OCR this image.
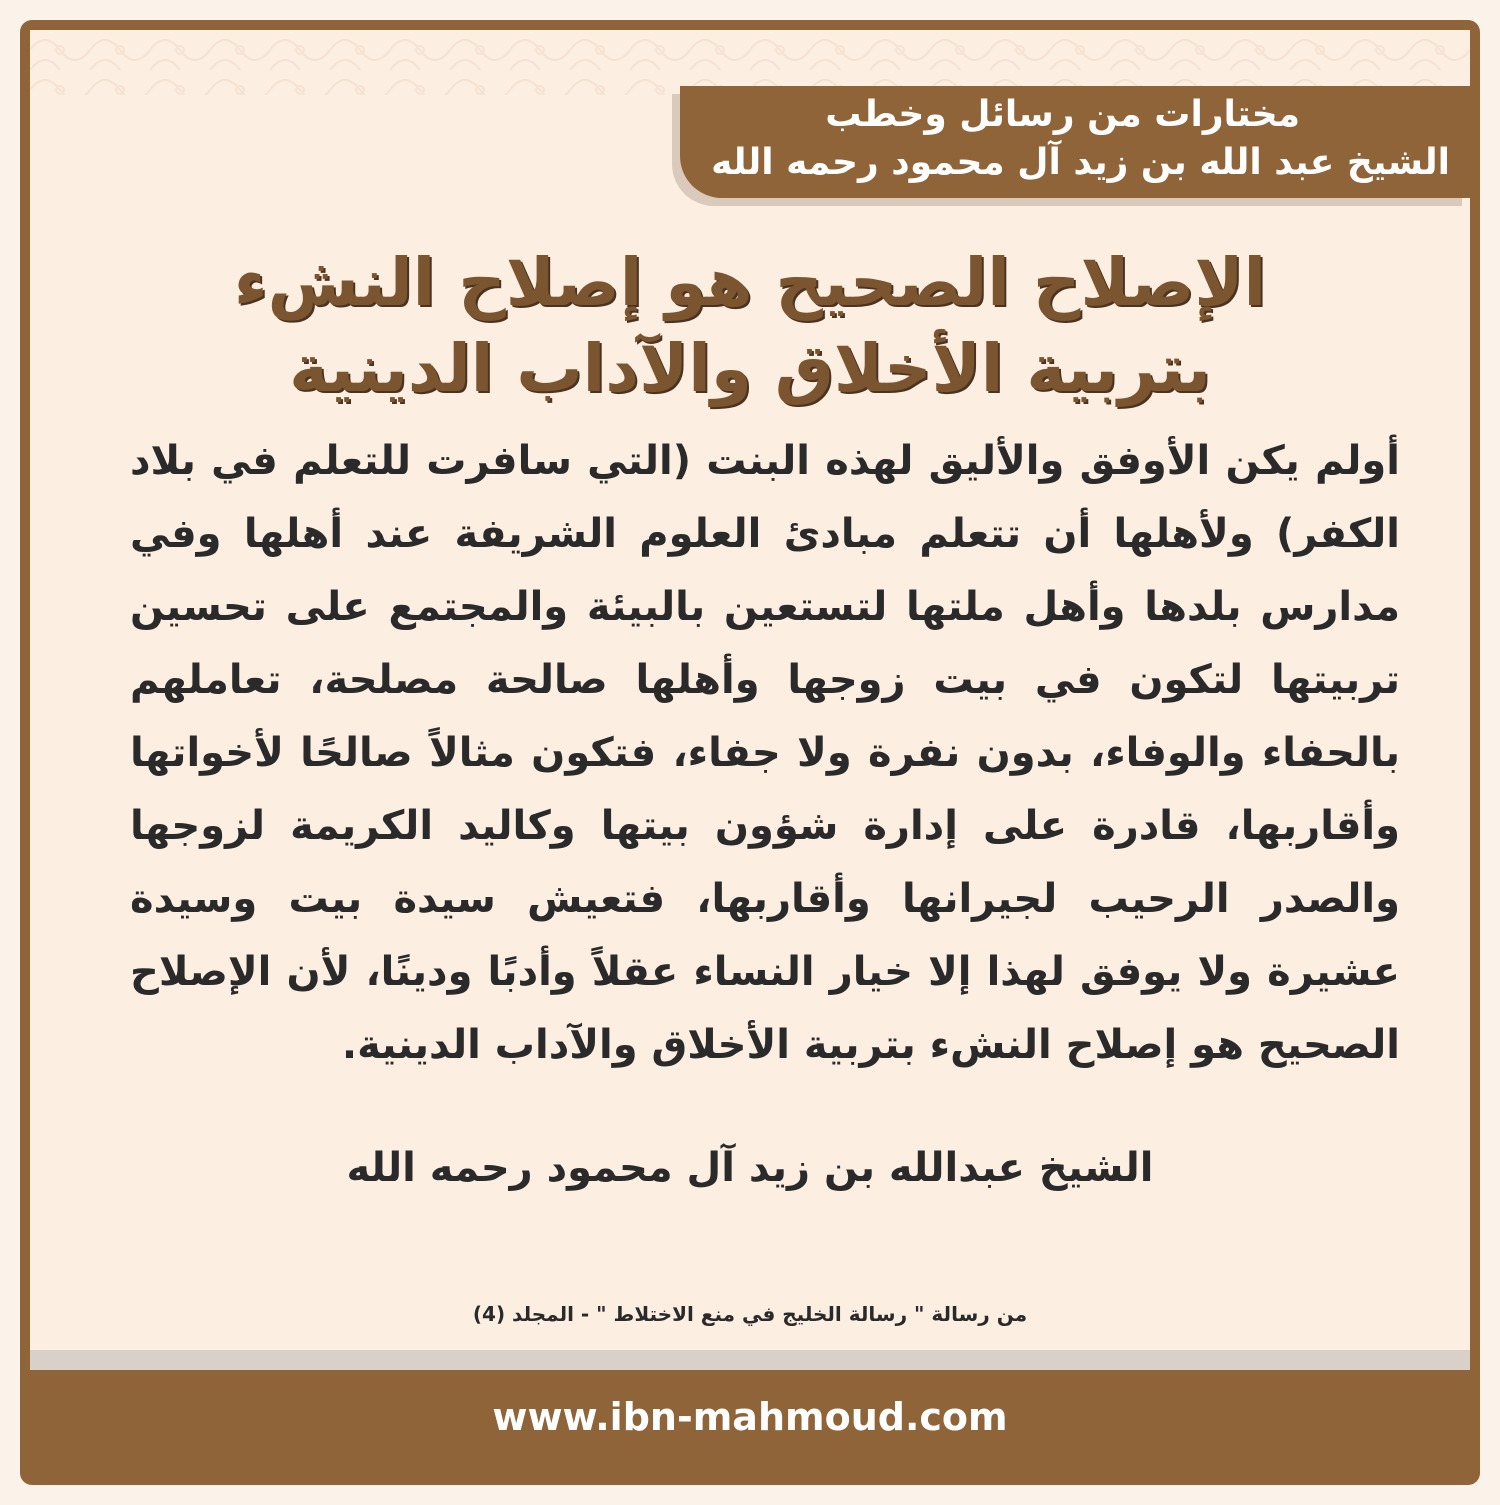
مختارات من رسائل وخطب

الشيخ عبد الله بن زيد آل محمود رحمه الله

الإصلاح الصحيح هو إصلاح النشء بتربية الأخلاق والآداب الدينية

أولم يكن الأوفق والأليق لهذه البنت (التي سافرت للتعلم في بلاد الكفر) ولأهلها أن تتعلم مبادئ العلوم الشريفة عند أهلها وفي مدارس بلدها وأهل ملتها لتستعين بالبيئة والمجتمع على تحسين تربيتها لتكون في بيت زوجها وأهلها صالحة مصلحة، تعاملهم بالحفاء والوفاء، بدون نفرة ولا جفاء، فتكون مثالاً صالحًا لأخواتها وأقاربها، قادرة على إدارة شؤون بيتها وكاليد الكريمة لزوجها والصدر الرحيب لجيرانها وأقاربها، فتعيش سيدة بيت وسيدة عشيرة ولا يوفق لهذا إلا خيار النساء عقلاً وأدبًا ودينًا، لأن الإصلاح الصحيح هو إصلاح النشء بتربية الأخلاق والآداب الدينية.

الشيخ عبدالله بن زيد آل محمود رحمه الله

من رسالة " رسالة الخليج في منع الاختلاط " - المجلد (4)

www.ibn-mahmoud.com
